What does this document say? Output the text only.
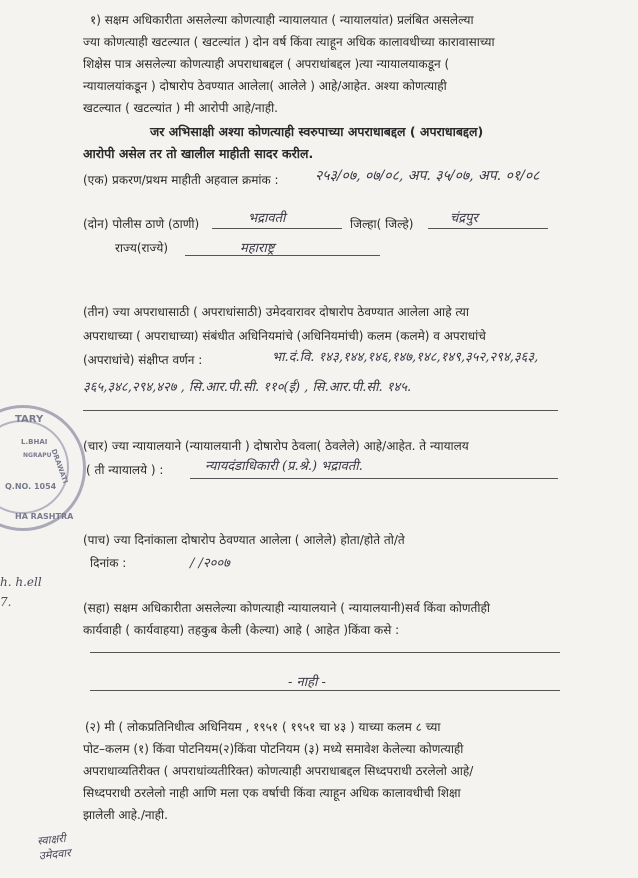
१) सक्षम अधिकारीता असलेल्या कोणत्याही न्यायालयात ( न्यायालयांत) प्रलंबित असलेल्या
ज्या कोणत्याही खटल्यात ( खटल्यांत ) दोन वर्ष किंवा त्याहून अधिक कालावधीच्या कारावासाच्या
शिक्षेस पात्र असलेल्या कोणत्याही अपराधाबद्दल ( अपराधांबद्दल )त्या न्यायालयाकडून (
न्यायालयांकडून ) दोषारोप ठेवण्यात आलेला( आलेले ) आहे/आहेत. अश्या कोणत्याही
खटल्यात ( खटल्यांत ) मी आरोपी आहे/नाही.
जर अभिसाक्षी अश्या कोणत्याही स्वरुपाच्या अपराधाबद्दल ( अपराधाबद्दल)
आरोपी असेल तर तो खालील माहीती सादर करील.
(एक) प्रकरण/प्रथम माहीती अहवाल क्रमांक :	२५३/०७, ०७/०८, अप. ३५/०७, अप. ०१/०८
(दोन) पोलीस ठाणे (ठाणी)	भद्रावती	जिल्हा( जिल्हे)	चंद्रपुर
राज्य(राज्ये)	महाराष्ट्र
(तीन) ज्या अपराधासाठी ( अपराधांसाठी) उमेदवारावर दोषारोप ठेवण्यात आलेला आहे त्या
अपराधाच्या ( अपराधाच्या) संबंधीत अधिनियमांचे (अधिनियमांची) कलम (कलमे) व अपराधांचे
(अपराधांचे) संक्षीप्त वर्णन :	भा.दं.वि. १४३,१४४,१४६,१४७,१४८,१४९,३५२,२९४,३६३,
३६५,३४८,२९४,४२७ , सि.आर.पी.सी. ११०(ई) , सि.आर.पी.सी. १४५.
(चार) ज्या न्यायालयाने (न्यायालयानी ) दोषारोप ठेवला( ठेवलेले) आहे/आहेत. ते न्यायालय
( ती न्यायालये ) :	न्यायदंडाधिकारी (प्र.श्रे.) भद्रावती.
(पाच) ज्या दिनांकाला दोषारोप ठेवण्यात आलेला ( आलेले) होता/होते तो/ते
दिनांक :	/ /२००७
(सहा) सक्षम अधिकारीता असलेल्या कोणत्याही न्यायालयाने ( न्यायालयानी)सर्व किंवा कोणतीही
कार्यवाही ( कार्यवाहया) तहकुब केली (केल्या) आहे ( आहेत )किंवा कसे :
- नाही -
(२) मी ( लोकप्रतिनिधीत्व अधिनियम , १९५१ ( १९५१ चा ४३ ) याच्या कलम ८ च्या
पोट–कलम (१) किंवा पोटनियम(२)किंवा पोटनियम (३) मध्ये समावेश केलेल्या कोणत्याही
अपराधाव्यतिरीक्त ( अपराधांव्यतीरिक्त) कोणत्याही अपराधाबद्दल सिध्दपराधी ठरलेलो आहे/
सिध्दपराधी ठरलेलो नाही आणि मला एक वर्षाची किंवा त्याहून अधिक कालावधीची शिक्षा
झालेली आहे./नाही.
TARY
L.BHAI
DRAWATI
NGRAPU
Q.NO. 1054
HA RASHTRA
h. h.ell
7.
स्वाक्षरी
उमेदवार
